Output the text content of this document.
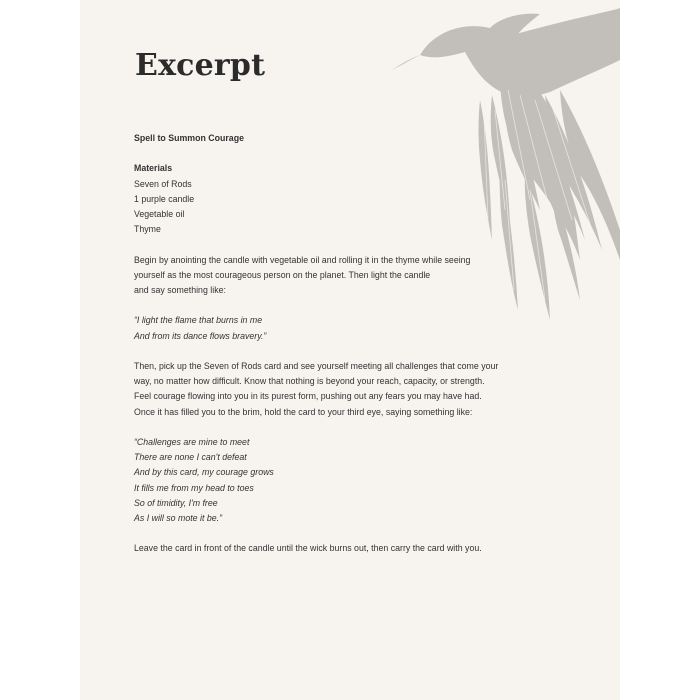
Excerpt

Spell to Summon Courage

Materials
Seven of Rods
1 purple candle
Vegetable oil
Thyme

Begin by anointing the candle with vegetable oil and rolling it in the thyme while seeing
yourself as the most courageous person on the planet. Then light the candle
and say something like:

“I light the flame that burns in me
And from its dance flows bravery.”

Then, pick up the Seven of Rods card and see yourself meeting all challenges that come your
way, no matter how difficult. Know that nothing is beyond your reach, capacity, or strength.
Feel courage flowing into you in its purest form, pushing out any fears you may have had.
Once it has filled you to the brim, hold the card to your third eye, saying something like:

“Challenges are mine to meet
There are none I can't defeat
And by this card, my courage grows
It fills me from my head to toes
So of timidity, I'm free
As I will so mote it be.”

Leave the card in front of the candle until the wick burns out, then carry the card with you.
